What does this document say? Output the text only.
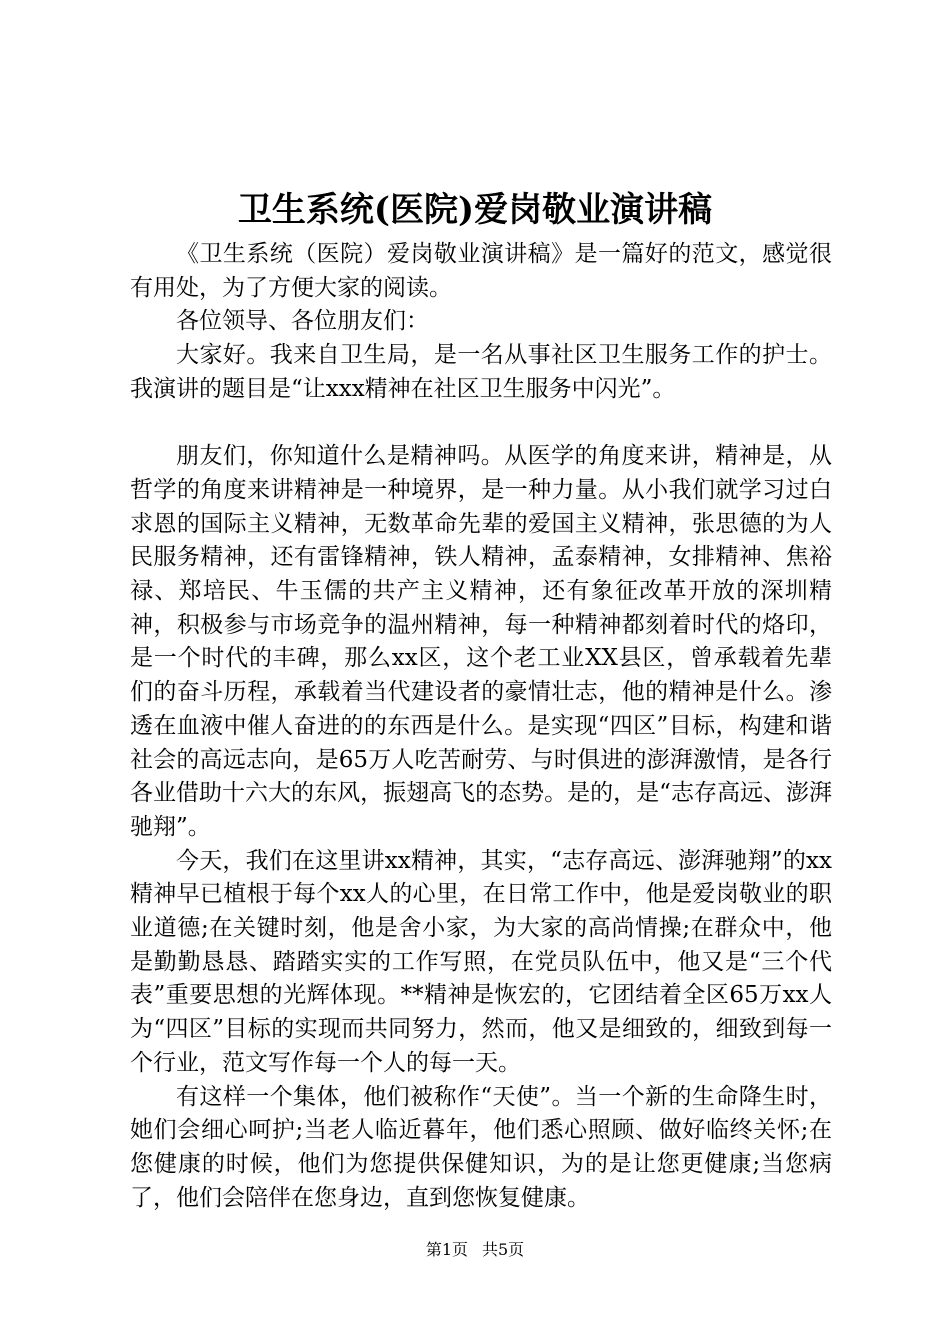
卫生系统(医院)爱岗敬业演讲稿

《卫生系统（医院）爱岗敬业演讲稿》是一篇好的范文，感觉很有用处，为了方便大家的阅读。

各位领导、各位朋友们：

大家好。我来自卫生局，是一名从事社区卫生服务工作的护士。我演讲的题目是“让xxx精神在社区卫生服务中闪光”。

朋友们，你知道什么是精神吗。从医学的角度来讲，精神是，从哲学的角度来讲精神是一种境界，是一种力量。从小我们就学习过白求恩的国际主义精神，无数革命先辈的爱国主义精神，张思德的为人民服务精神，还有雷锋精神，铁人精神，孟泰精神，女排精神、焦裕禄、郑培民、牛玉儒的共产主义精神，还有象征改革开放的深圳精神，积极参与市场竞争的温州精神，每一种精神都刻着时代的烙印，是一个时代的丰碑，那么xx区，这个老工业XX县区，曾承载着先辈们的奋斗历程，承载着当代建设者的豪情壮志，他的精神是什么。渗透在血液中催人奋进的的东西是什么。是实现“四区”目标，构建和谐社会的高远志向，是65万人吃苦耐劳、与时俱进的澎湃激情，是各行各业借助十六大的东风，振翅高飞的态势。是的，是“志存高远、澎湃驰翔”。

今天，我们在这里讲xx精神，其实，“志存高远、澎湃驰翔”的xx精神早已植根于每个xx人的心里，在日常工作中，他是爱岗敬业的职业道德;在关键时刻，他是舍小家，为大家的高尚情操;在群众中，他是勤勤恳恳、踏踏实实的工作写照，在党员队伍中，他又是“三个代表”重要思想的光辉体现。**精神是恢宏的，它团结着全区65万xx人为“四区”目标的实现而共同努力，然而，他又是细致的，细致到每一个行业，范文写作每一个人的每一天。

有这样一个集体，他们被称作“天使”。当一个新的生命降生时，她们会细心呵护;当老人临近暮年，他们悉心照顾、做好临终关怀;在您健康的时候，他们为您提供保健知识，为的是让您更健康;当您病了，他们会陪伴在您身边，直到您恢复健康。

第1页 共5页
